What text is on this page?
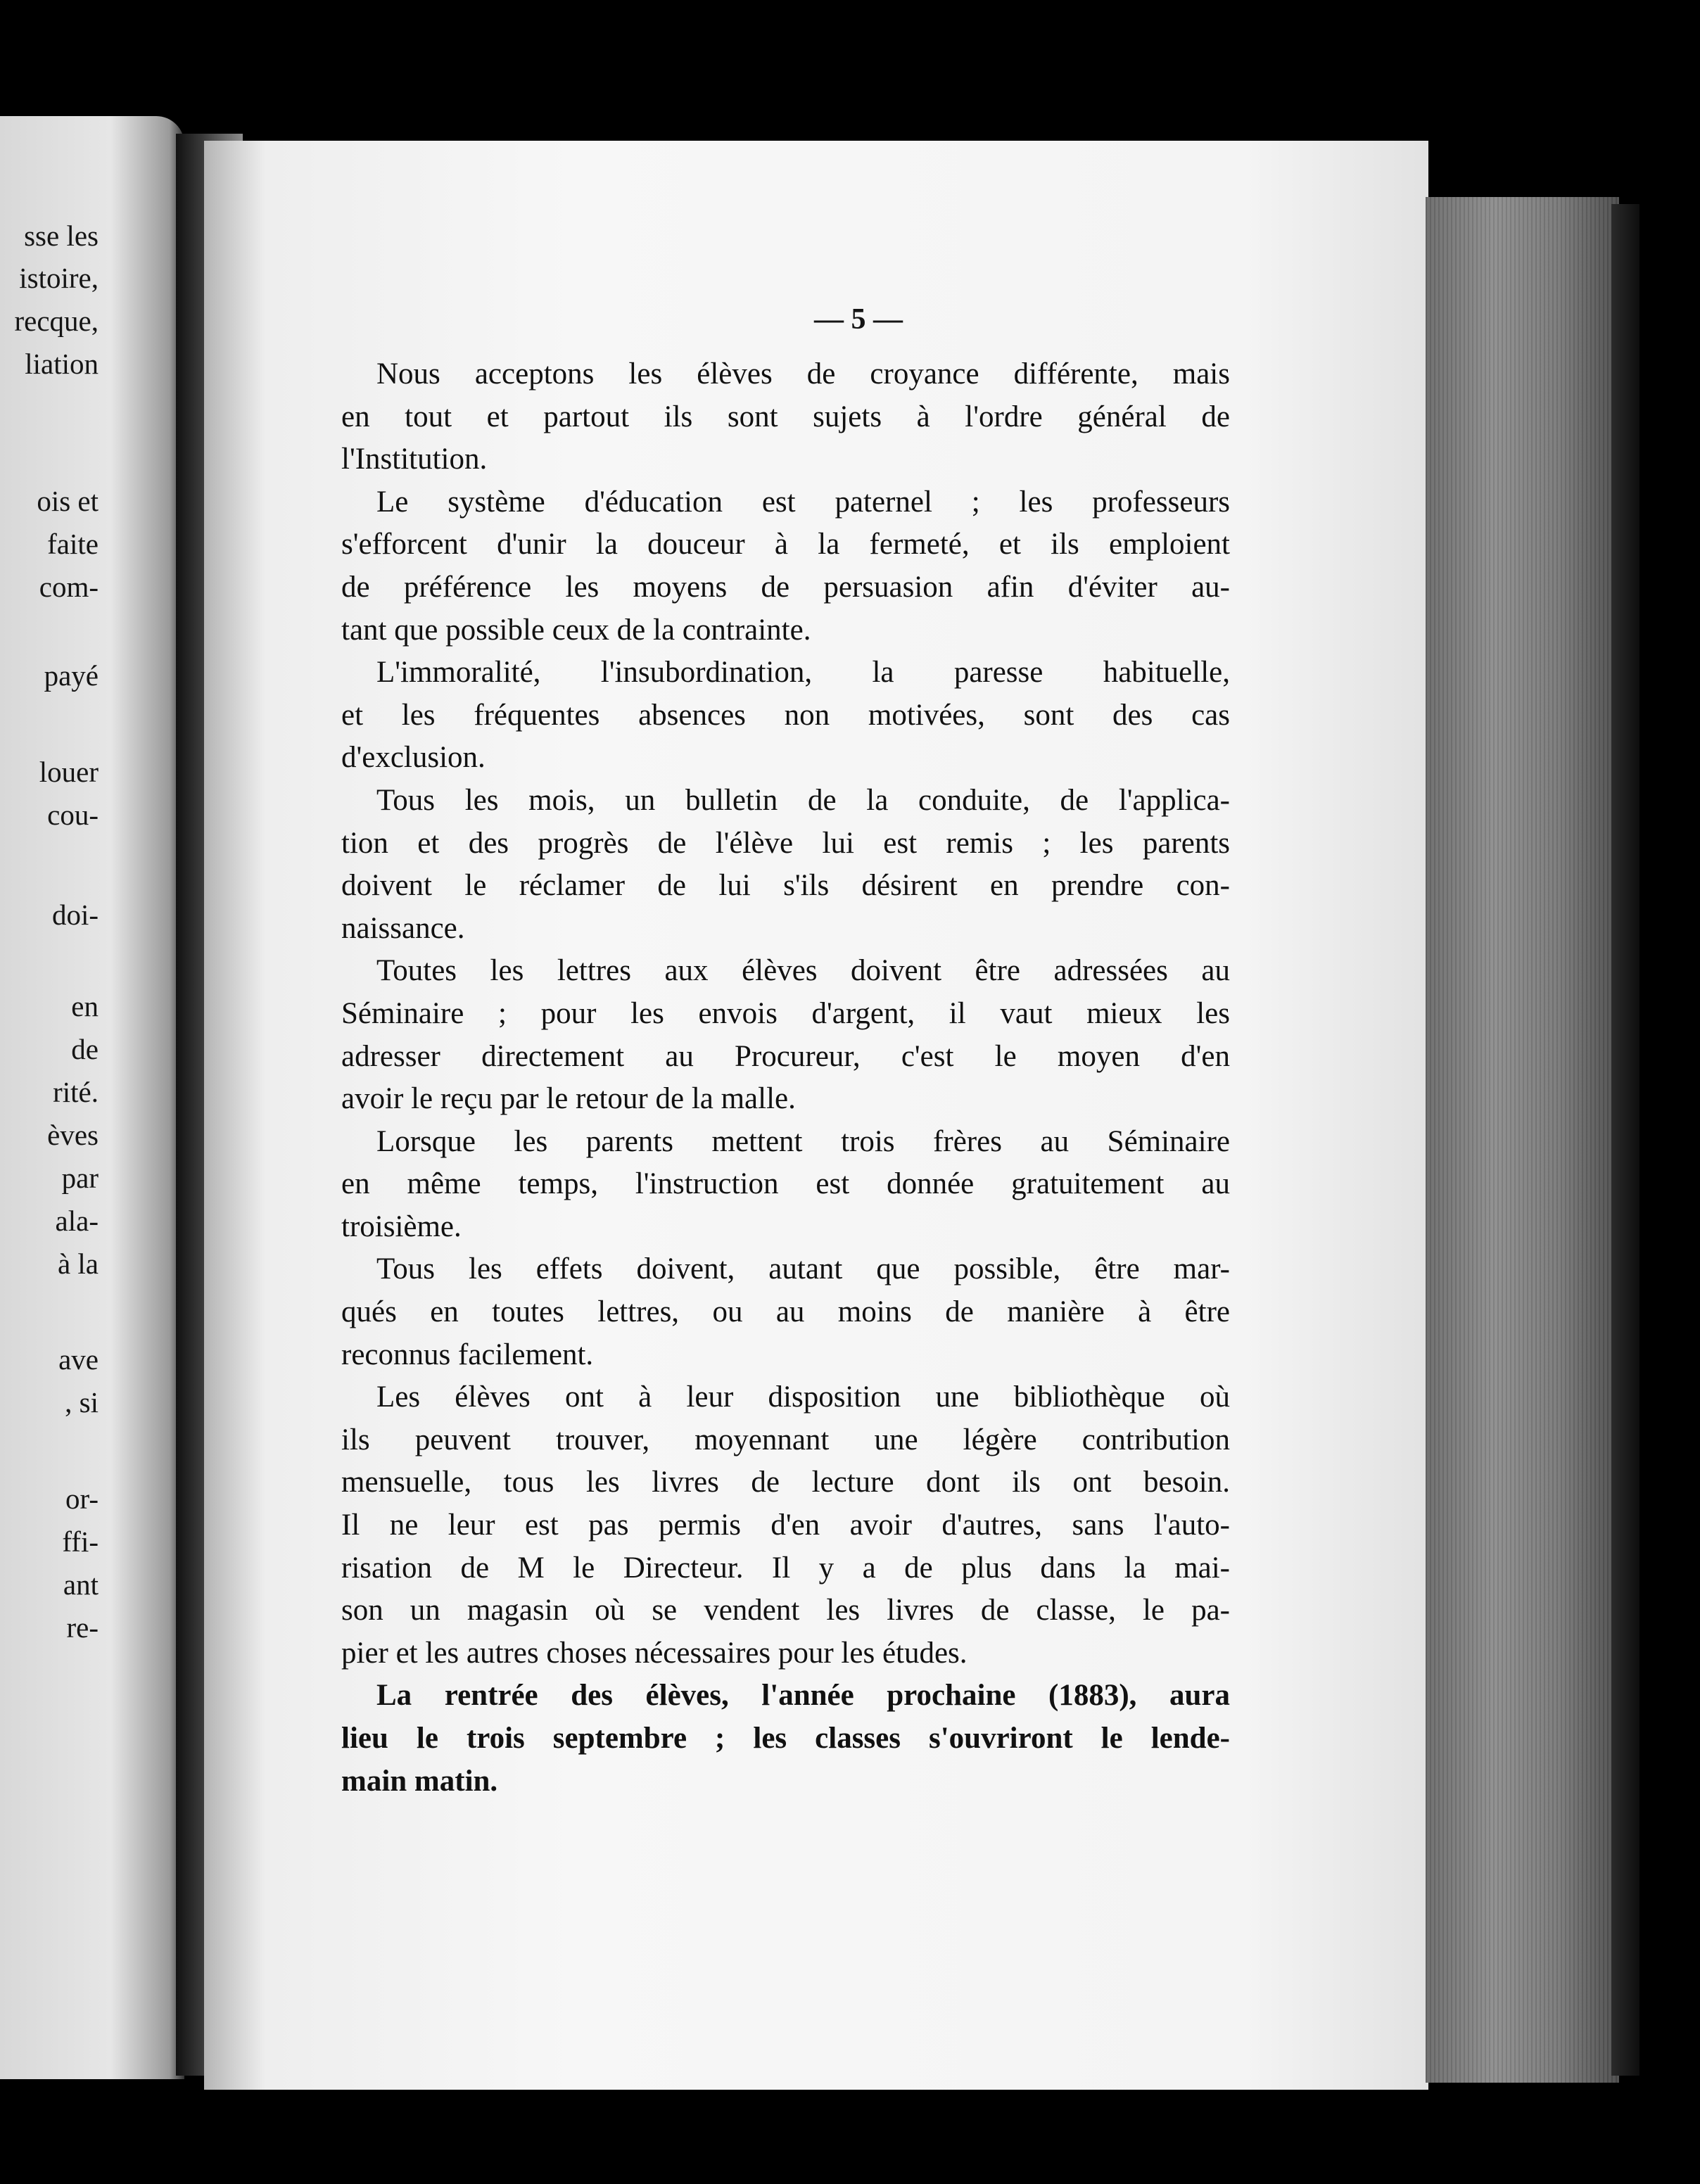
sse les
istoire,
recque,
liation
ois et
faite
com-
payé
louer
cou-
doi-
en
de
rité.
èves
par
ala-
à la
ave
, si
or-
ffi-
ant
re-
— 5 —
Nous acceptons les élèves de croyance différente, mais
en tout et partout ils sont sujets à l'ordre général de
l'Institution.
Le système d'éducation est paternel ; les professeurs
s'efforcent d'unir la douceur à la fermeté, et ils emploient
de préférence les moyens de persuasion afin d'éviter au-
tant que possible ceux de la contrainte.
L'immoralité, l'insubordination, la paresse habituelle,
et les fréquentes absences non motivées, sont des cas
d'exclusion.
Tous les mois, un bulletin de la conduite, de l'applica-
tion et des progrès de l'élève lui est remis ; les parents
doivent le réclamer de lui s'ils désirent en prendre con-
naissance.
Toutes les lettres aux élèves doivent être adressées au
Séminaire ; pour les envois d'argent, il vaut mieux les
adresser directement au Procureur, c'est le moyen d'en
avoir le reçu par le retour de la malle.
Lorsque les parents mettent trois frères au Séminaire
en même temps, l'instruction est donnée gratuitement au
troisième.
Tous les effets doivent, autant que possible, être mar-
qués en toutes lettres, ou au moins de manière à être
reconnus facilement.
Les élèves ont à leur disposition une bibliothèque où
ils peuvent trouver, moyennant une légère contribution
mensuelle, tous les livres de lecture dont ils ont besoin.
Il ne leur est pas permis d'en avoir d'autres, sans l'auto-
risation de M le Directeur. Il y a de plus dans la mai-
son un magasin où se vendent les livres de classe, le pa-
pier et les autres choses nécessaires pour les études.
La rentrée des élèves, l'année prochaine (1883), aura
lieu le trois septembre ; les classes s'ouvriront le lende-
main matin.
